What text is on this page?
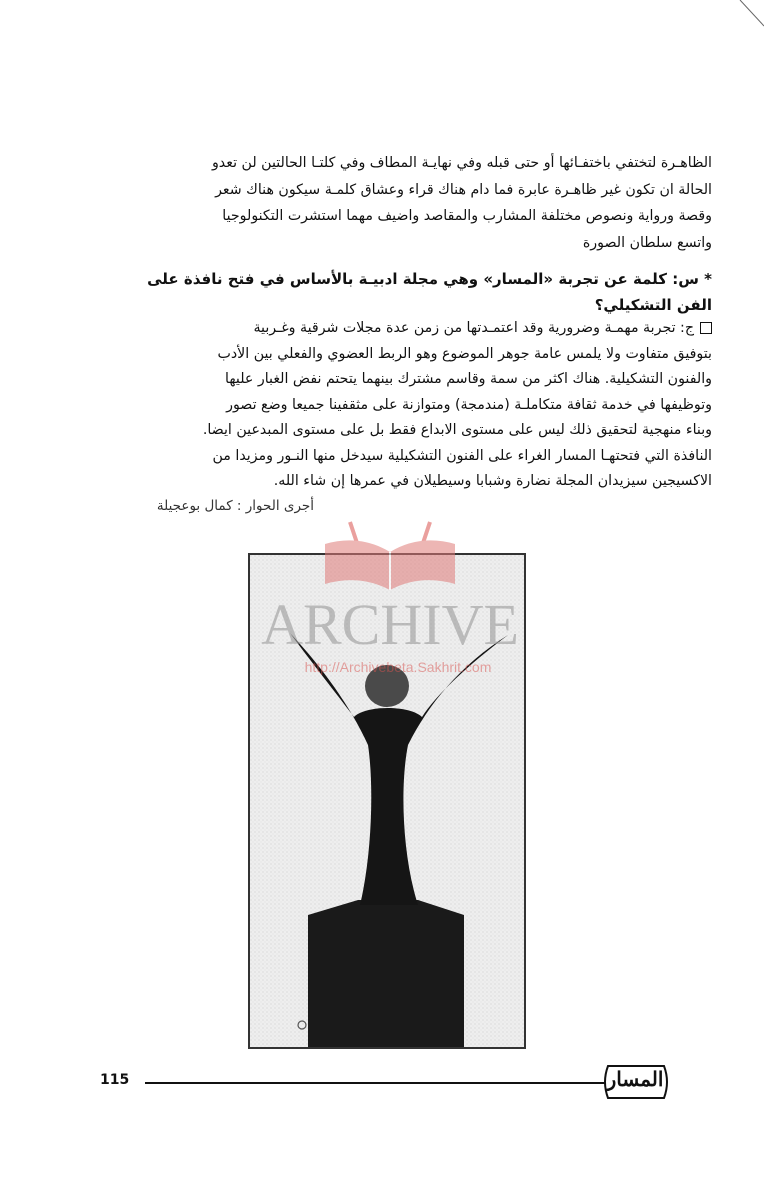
الظاهـرة لتختفي باختفـائها أو حتى قبله وفي نهايـة المطاف وفي كلتـا الحالتين لن تعدو

الحالة ان تكون غير ظاهـرة عابرة فما دام هناك قراء وعشاق كلمـة سيكون هناك شعر

وقصة ورواية ونصوص مختلفة المشارب والمقاصد واضيف مهما استشرت التكنولوجيا

واتسع سلطان الصورة

* س: كلمة عن تجربة «المسار» وهي مجلة ادبيـة بالأساس في فتح نافذة على

الفن التشكيلي؟

ج: تجربة مهمـة وضرورية وقد اعتمـدتها من زمن عدة مجلات شرقية وغـربية

بتوفيق متفاوت ولا يلمس عامة جوهر الموضوع وهو الربط العضوي والفعلي بين الأدب

والفنون التشكيلية. هناك اكثر من سمة وقاسم مشترك بينهما يتحتم نفض الغبار عليها

وتوظيفها في خدمة ثقافة متكاملـة (مندمجة) ومتوازنة على مثقفينا جميعا وضع تصور

وبناء منهجية لتحقيق ذلك ليس على مستوى الابداع فقط بل على مستوى المبدعين ايضا.

النافذة التي فتحتهـا المسار الغراء على الفنون التشكيلية سيدخل منها النـور ومزيدا من

الاكسيجين سيزيدان المجلة نضارة وشبابا وسيطيلان في عمرها إن شاء الله.

أجرى الحوار : كمال بوعجيلة
ARCHIVE
http://Archivebeta.Sakhrit.com
115	المسار
